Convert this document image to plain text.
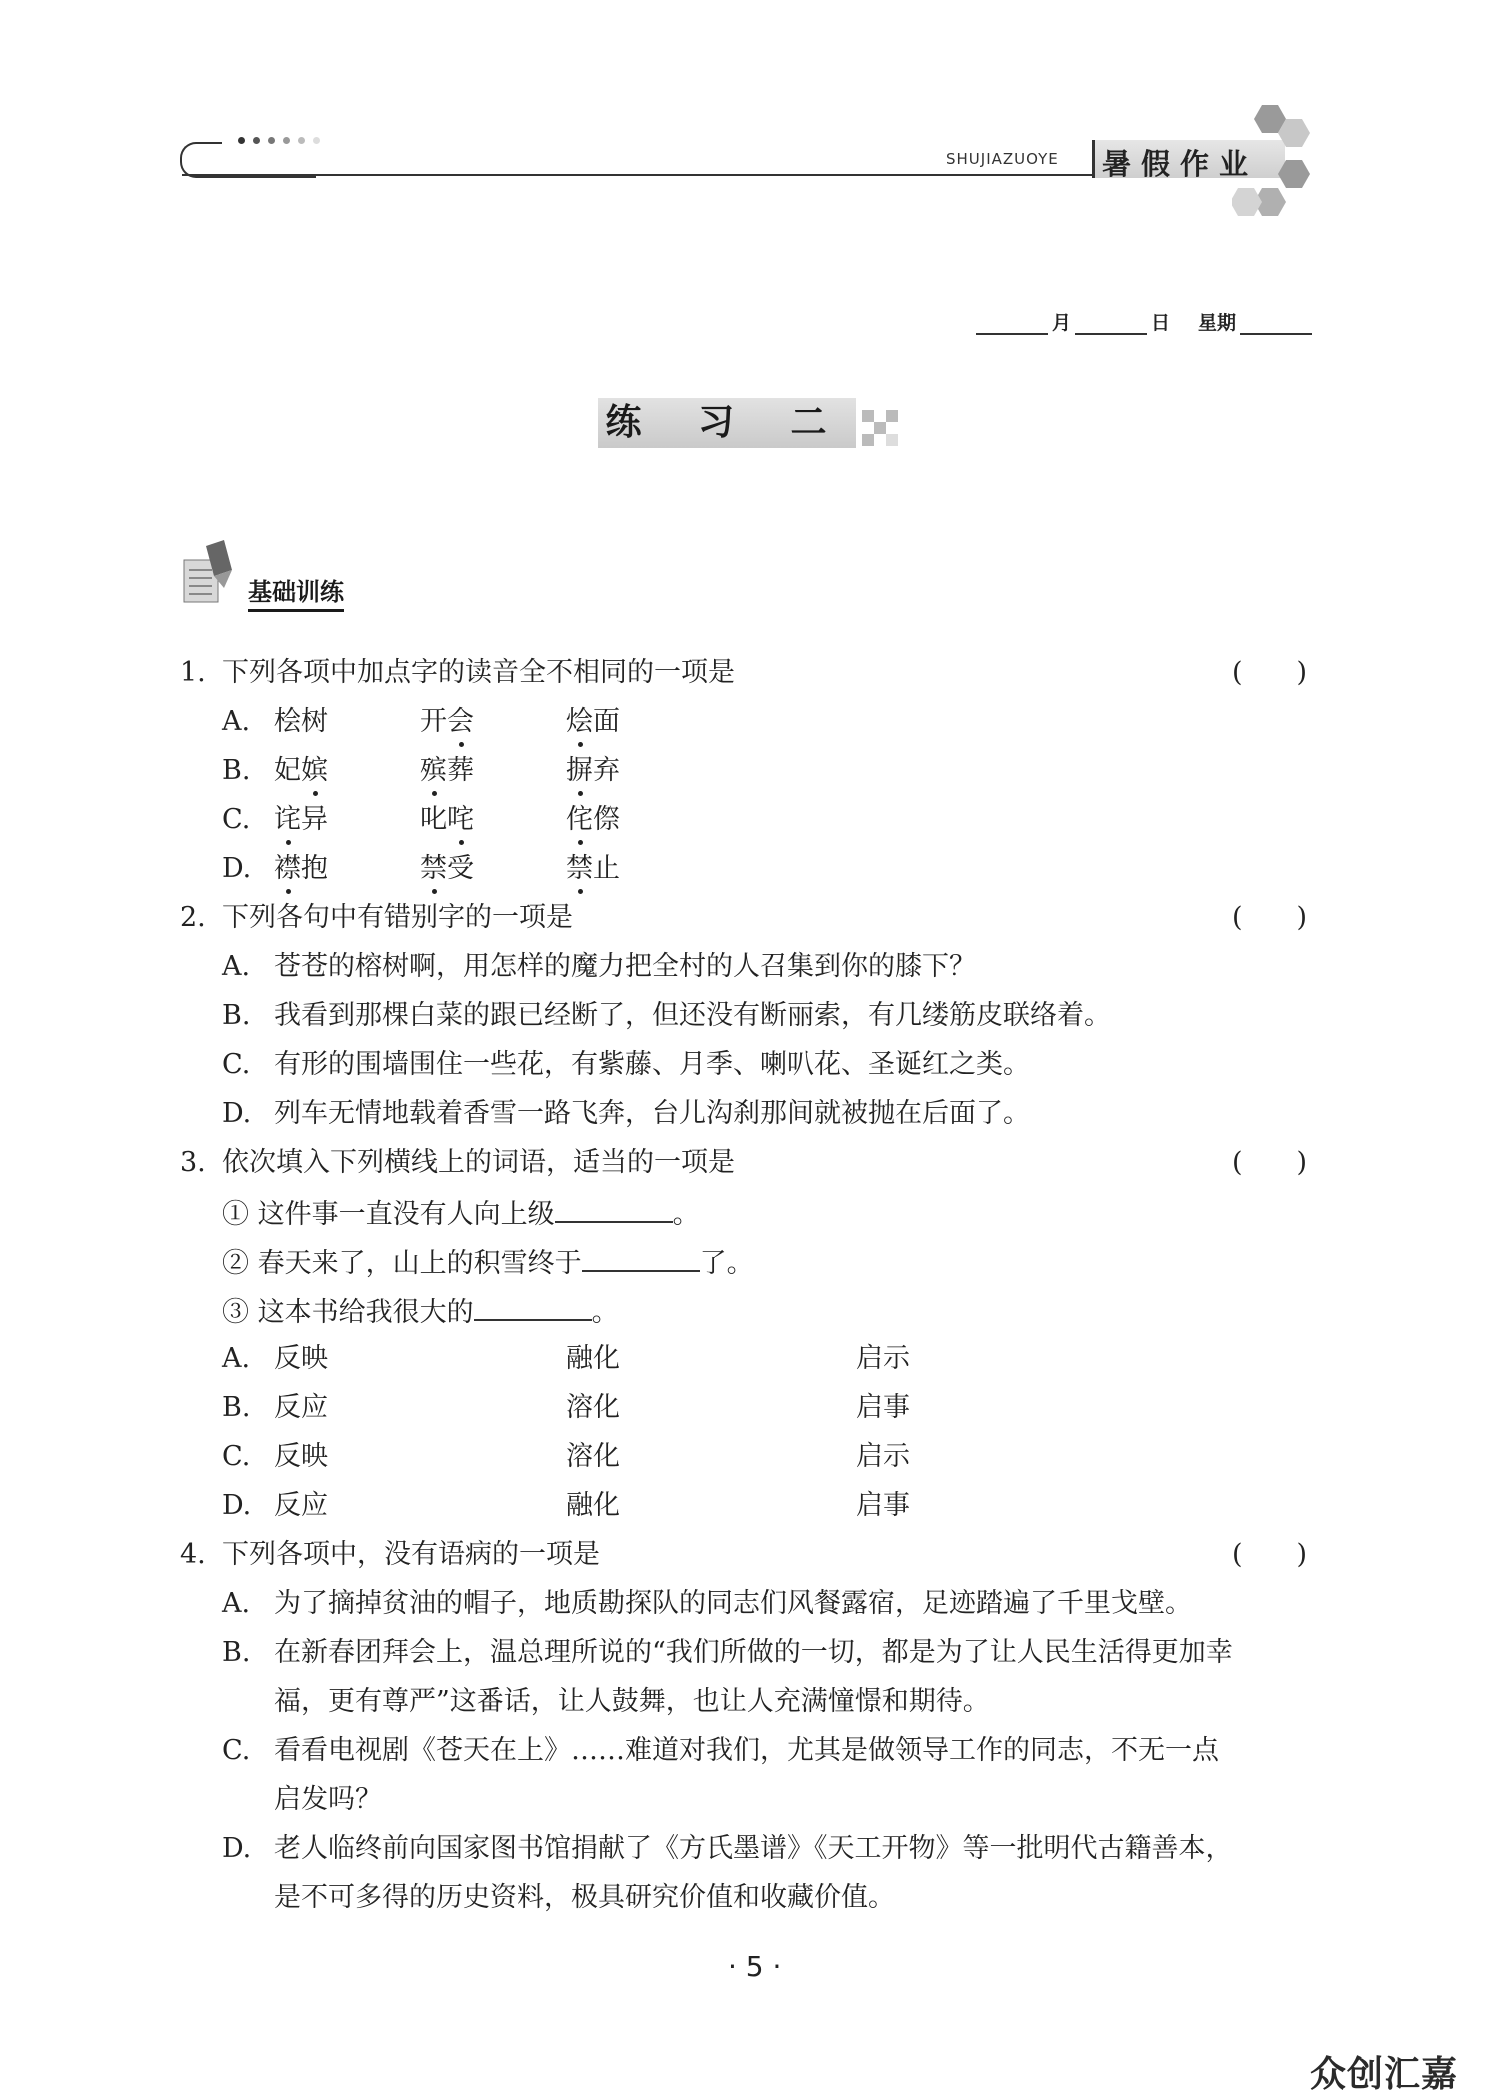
SHUJIAZUOYE 暑假作业
月	日 星期
练 习 二
基础训练
1. 下列各项中加点字的读音全不相同的一项是	(　　)
A. 桧树	开会	烩面
B. 妃嫔	殡葬	摒弃
C. 诧异	叱咤	侘傺
D. 襟抱	禁受	禁止
2. 下列各句中有错别字的一项是	(　　)
A. 苍苍的榕树啊，用怎样的魔力把全村的人召集到你的膝下？
B. 我看到那棵白菜的跟已经断了，但还没有断丽索，有几缕筋皮联络着。
C. 有形的围墙围住一些花，有紫藤、月季、喇叭花、圣诞红之类。
D. 列车无情地载着香雪一路飞奔，台儿沟刹那间就被抛在后面了。
3. 依次填入下列横线上的词语，适当的一项是	(　　)
① 这件事一直没有人向上级	。
② 春天来了，山上的积雪终于	了。
③ 这本书给我很大的	。
A. 反映	融化	启示
B. 反应	溶化	启事
C. 反映	溶化	启示
D. 反应	融化	启事
4. 下列各项中，没有语病的一项是	(　　)
A. 为了摘掉贫油的帽子，地质勘探队的同志们风餐露宿，足迹踏遍了千里戈壁。
B. 在新春团拜会上，温总理所说的“我们所做的一切，都是为了让人民生活得更加幸
福，更有尊严”这番话，让人鼓舞，也让人充满憧憬和期待。
C. 看看电视剧《苍天在上》……难道对我们，尤其是做领导工作的同志，不无一点
启发吗？
D. 老人临终前向国家图书馆捐献了《方氏墨谱》《天工开物》等一批明代古籍善本，
是不可多得的历史资料，极具研究价值和收藏价值。
· 5 ·
众创汇嘉
